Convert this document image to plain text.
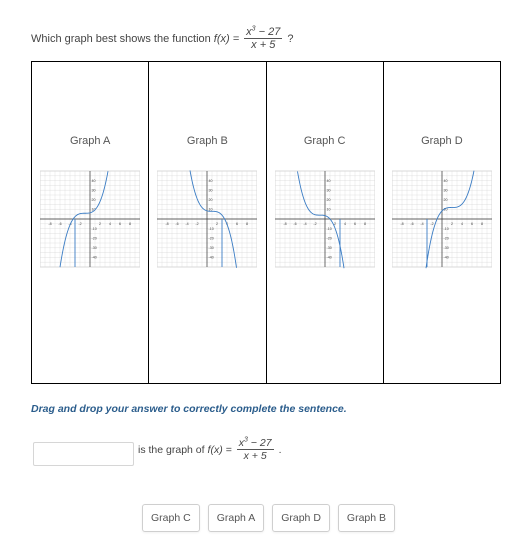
Which graph best shows the function $f(x) = \frac{x^3 - 27}{x + 5}$ ?
Graph A
-8 -6 -4 -2	2 4 6 8
40
30
20
10
-10
-20
-30
-40
Graph B
-8 -6 -4 -2	2 4 6 8
40
30
20
10
-10
-20
-30
-40
Graph C
-8 -6 -4 -2	2 4 6 8
40
30
20
10
-10
-20
-30
-40
Graph D
-8 -6 -4 -2	2 4 6 8
40
30
20
10
-10
-20
-30
-40
Drag and drop your answer to correctly complete the sentence.
is the graph of $f(x) = \frac{x^3 - 27}{x + 5}$ .
Graph C	Graph A	Graph D	Graph B
